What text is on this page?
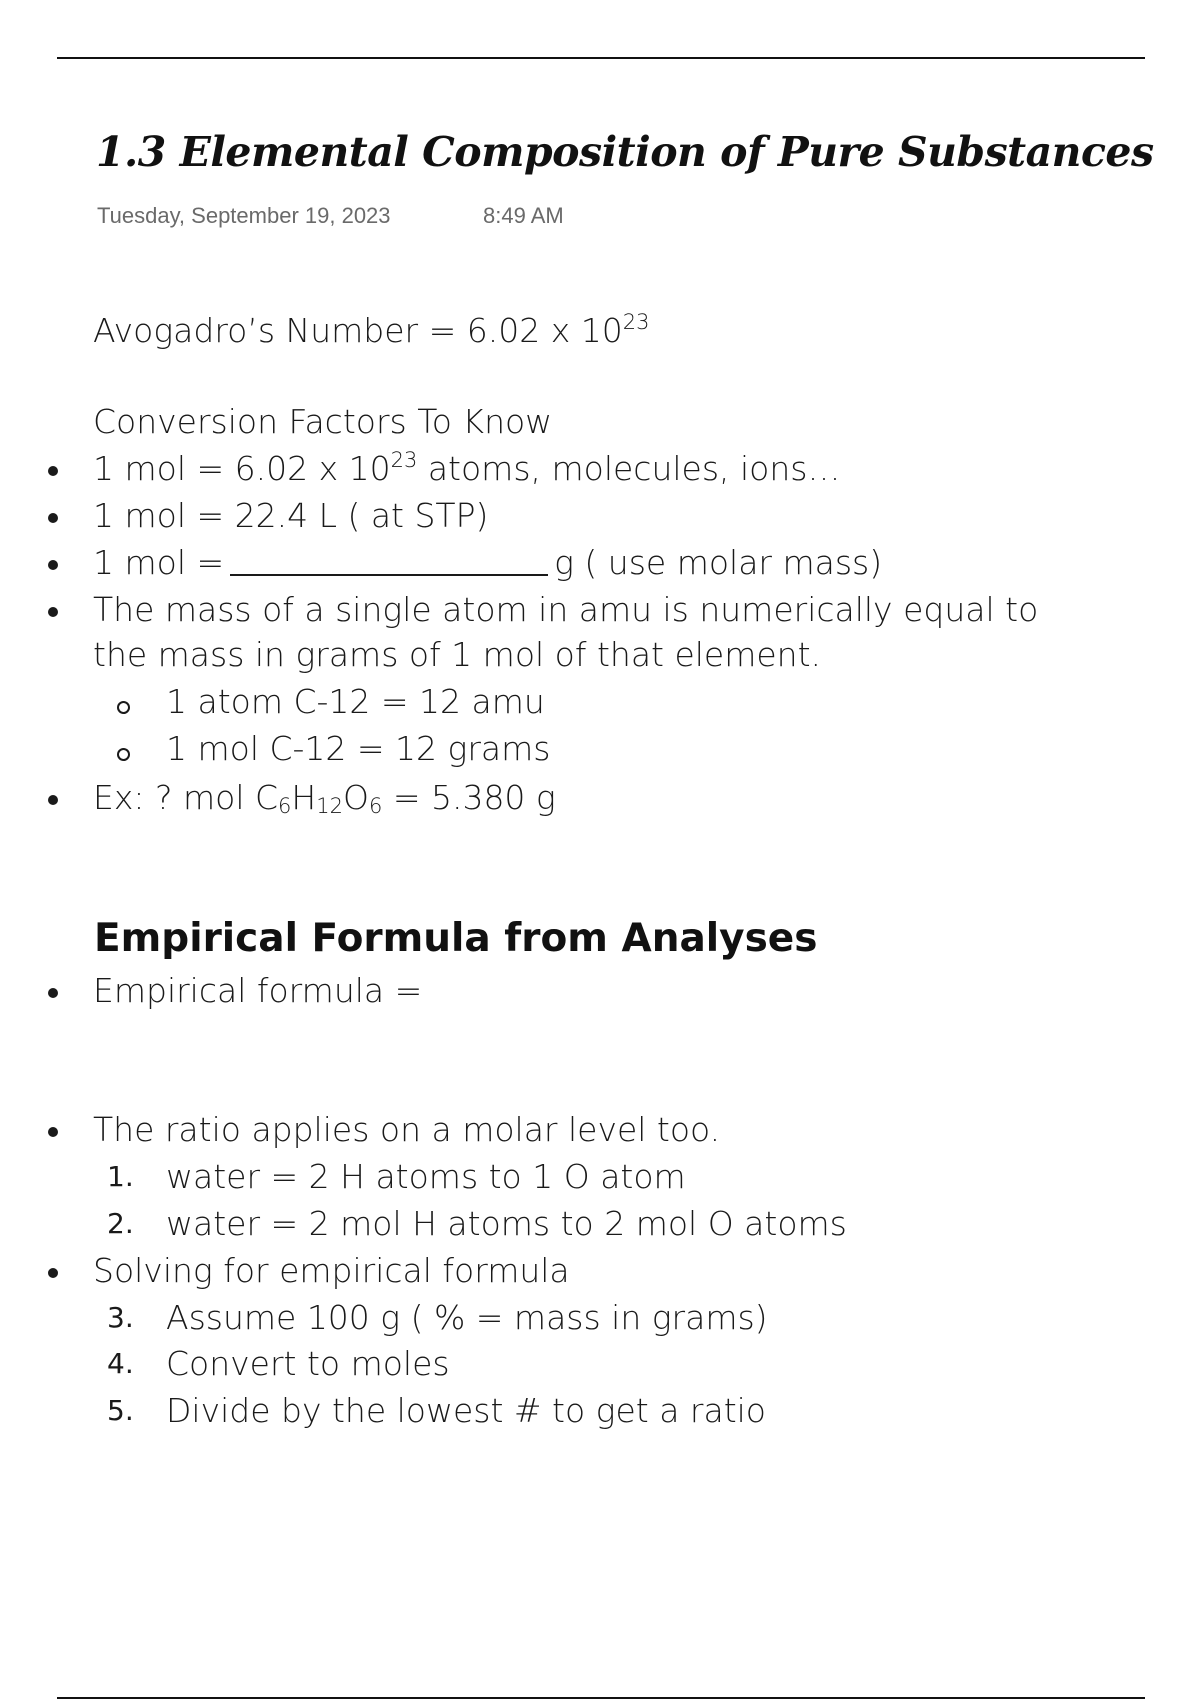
1.3 Elemental Composition of Pure Substances
Tuesday, September 19, 2023	8:49 AM
Avogadro’s Number = 6.02 x $10^{23}$
Conversion Factors To Know
1 mol = 6.02 x $10^{23}$ atoms, molecules, ions…
1 mol = 22.4 L ( at STP)
1 mol =	g ( use molar mass)
The mass of a single atom in amu is numerically equal to
the mass in grams of 1 mol of that element.
1 atom C-12 = 12 amu
1 mol C-12 = 12 grams
Ex: ? mol $C_6H_{12}O_6 = 5.380$ g
Empirical Formula from Analyses
Empirical formula =
The ratio applies on a molar level too.
1. water = 2 H atoms to 1 O atom
2. water = 2 mol H atoms to 2 mol O atoms
Solving for empirical formula
3. Assume 100 g ( % = mass in grams)
4. Convert to moles
5. Divide by the lowest # to get a ratio
